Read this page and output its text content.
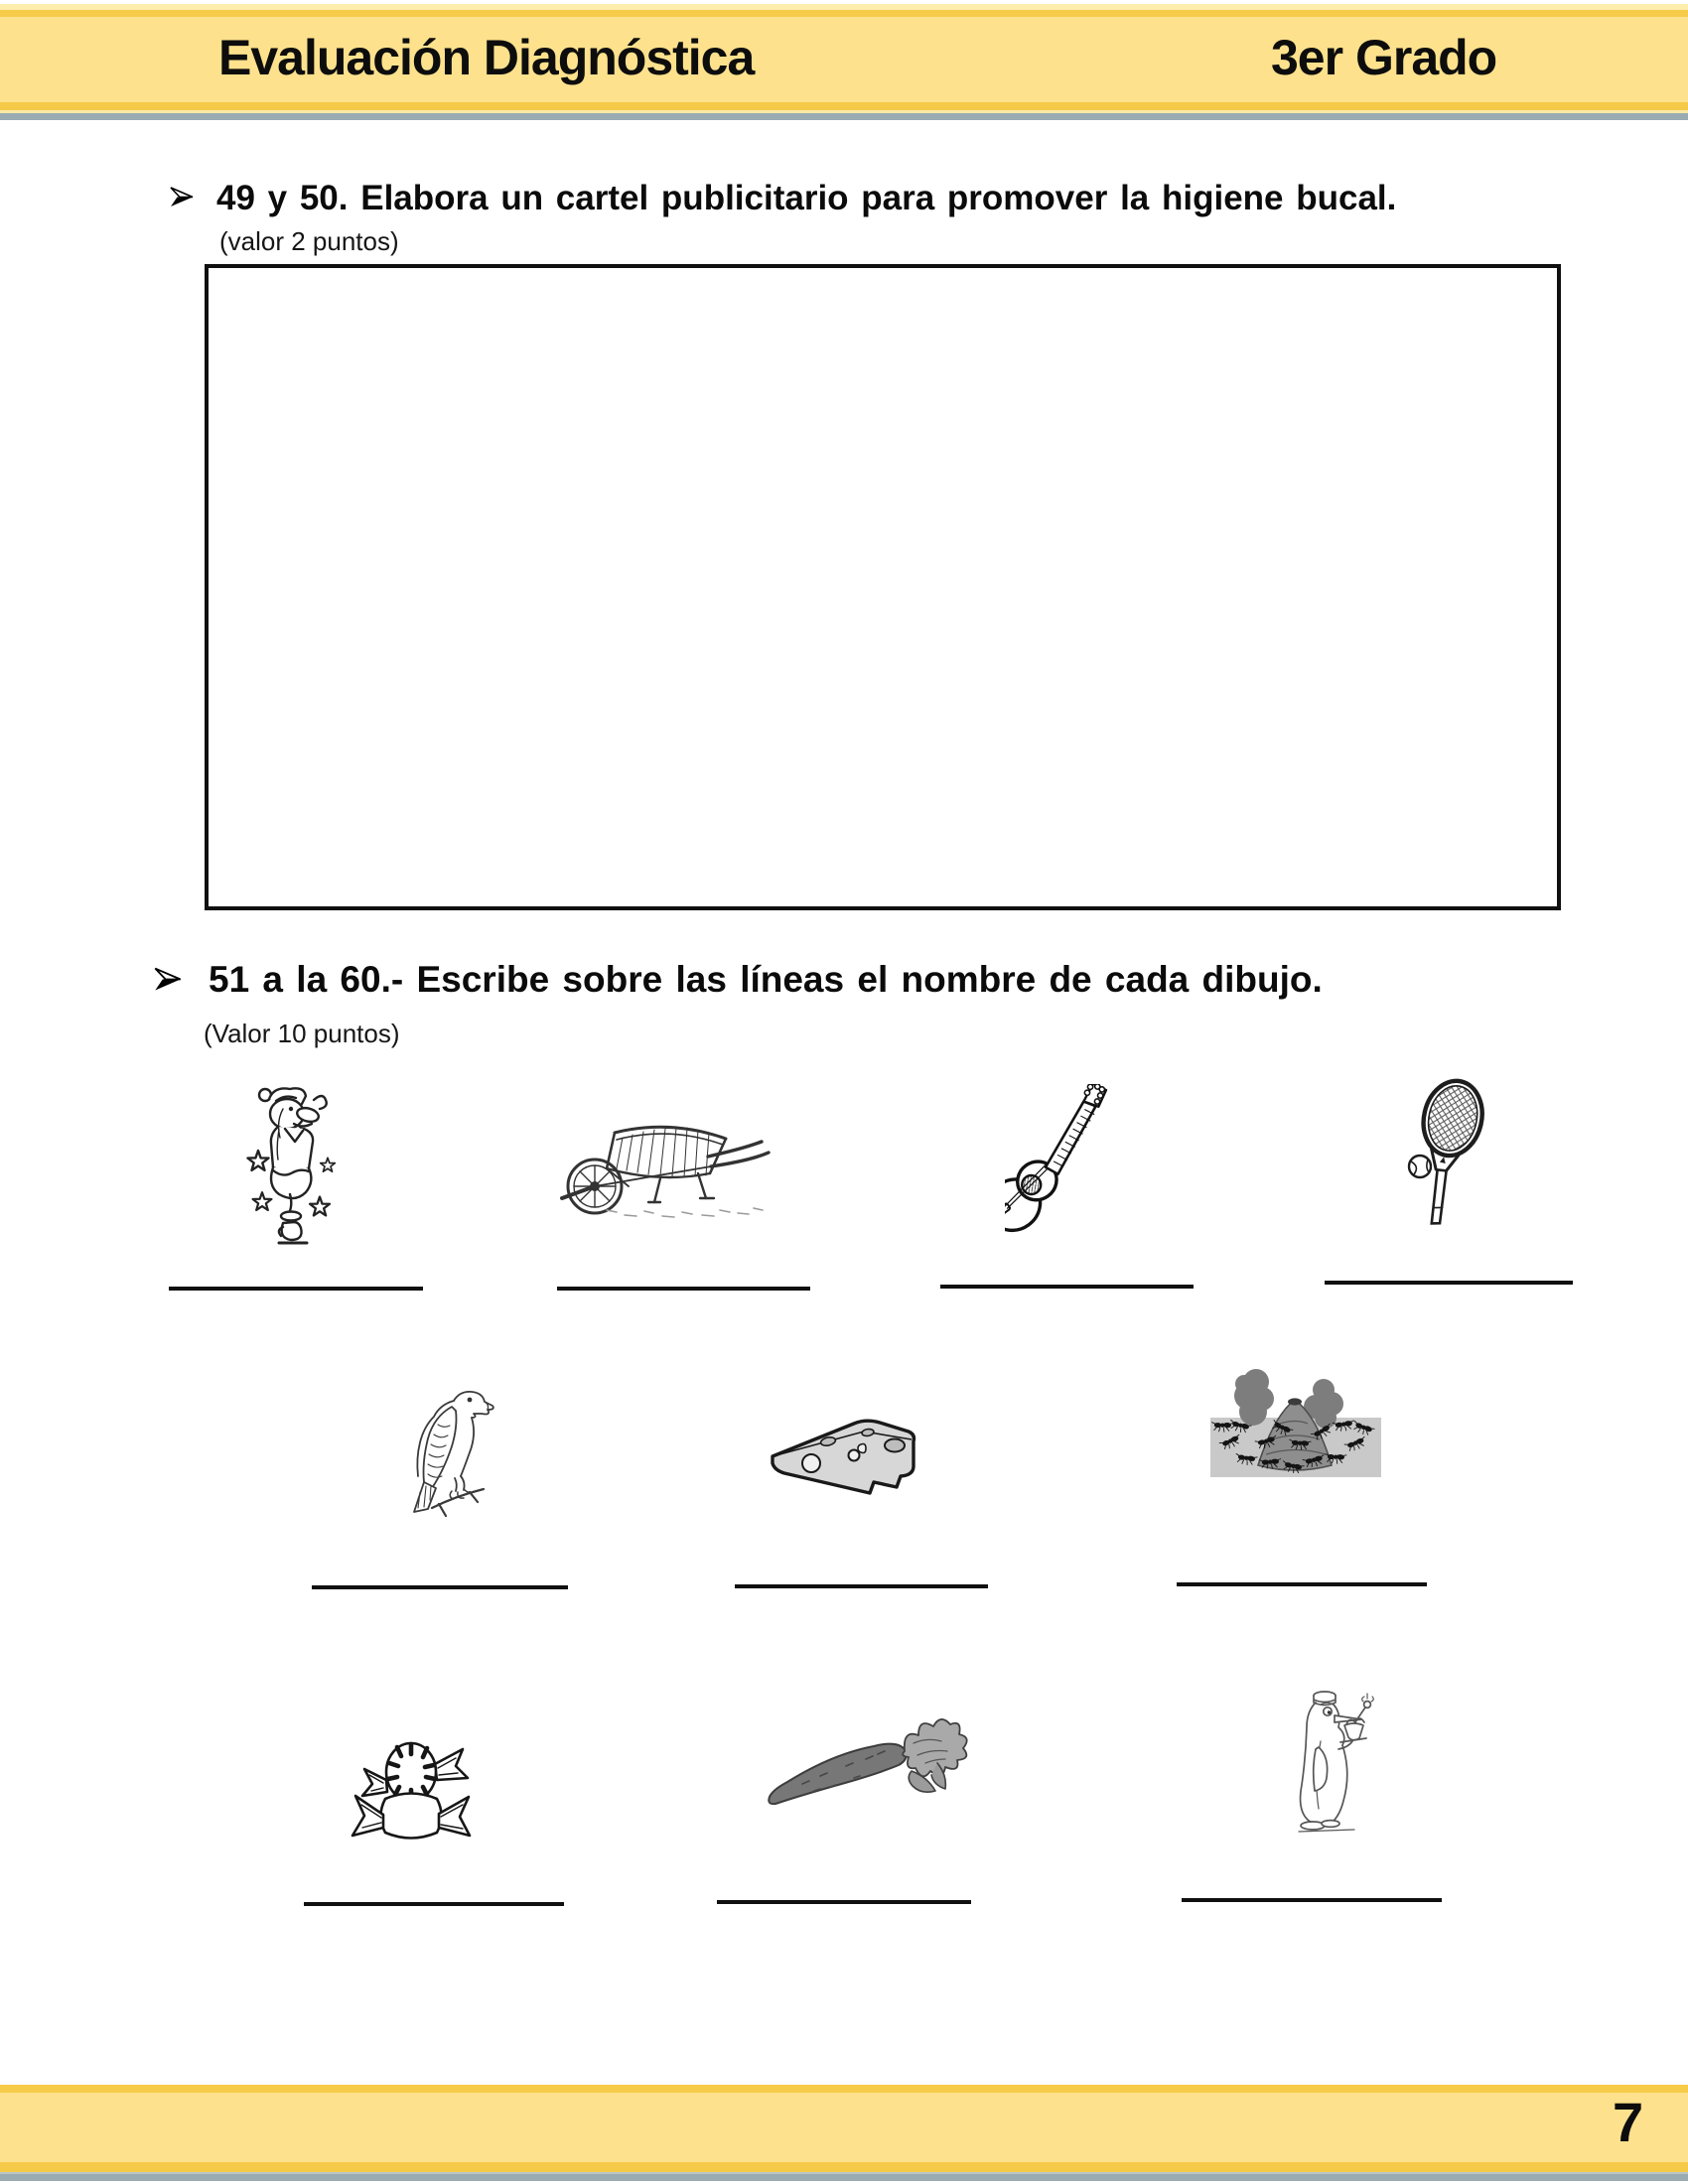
Evaluación Diagnóstica	3er Grado
49 y 50. Elabora un cartel publicitario para promover la higiene bucal.
(valor 2 puntos)
51 a la 60.- Escribe sobre las líneas el nombre de cada dibujo.
(Valor 10 puntos)
7
